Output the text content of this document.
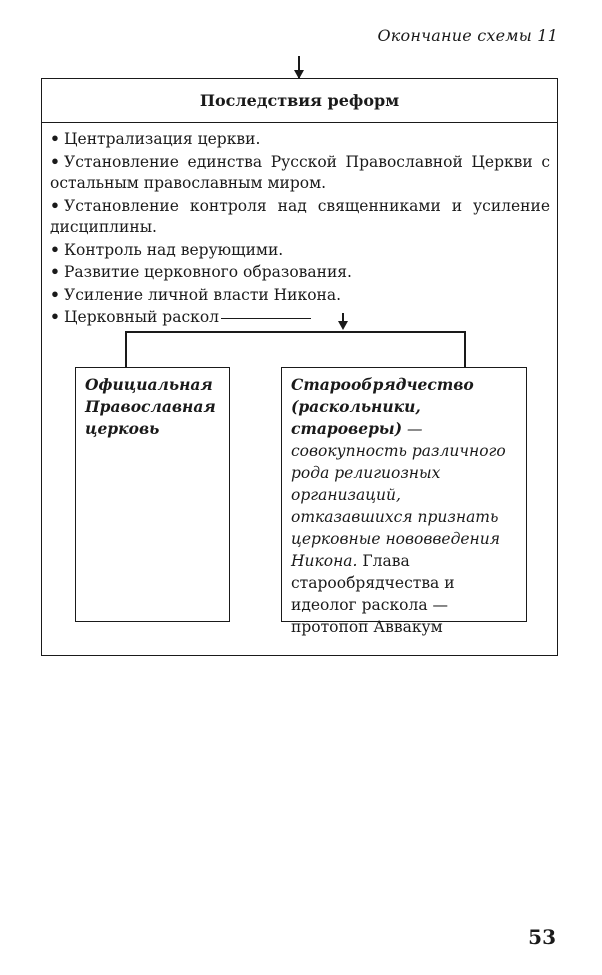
Окончание схемы 11
Последствия реформ
• Централизация церкви.
• Установление единства Русской Православной Церкви с остальным православным миром.
• Установление контроля над священниками и усиление дисциплины.
• Контроль над верующими.
• Развитие церковного образования.
• Усиление личной власти Никона.
• Церковный раскол
Официальная Православная церковь
Старообрядчество (раскольники, староверы) — совокупность различного рода религиозных организаций, отказавшихся признать церковные нововведения Никона. Глава старообрядчества и идеолог раскола — протопоп Аввакум
53
